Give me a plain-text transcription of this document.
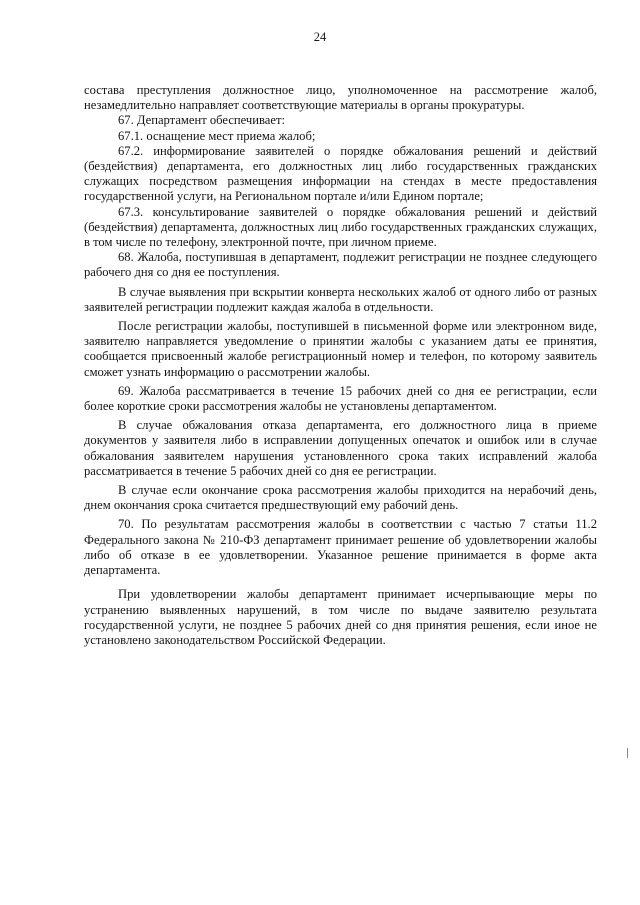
24

состава преступления должностное лицо, уполномоченное на рассмотрение жалоб, незамедлительно направляет соответствующие материалы в органы прокуратуры.

67. Департамент обеспечивает:

67.1. оснащение мест приема жалоб;

67.2. информирование заявителей о порядке обжалования решений и действий (бездействия) департамента, его должностных лиц либо государственных гражданских служащих посредством размещения информации на стендах в месте предоставления государственной услуги, на Региональном портале и/или Едином портале;

67.3. консультирование заявителей о порядке обжалования решений и действий (бездействия) департамента, должностных лиц либо государственных гражданских служащих, в том числе по телефону, электронной почте, при личном приеме.

68. Жалоба, поступившая в департамент, подлежит регистрации не позднее следующего рабочего дня со дня ее поступления.

В случае выявления при вскрытии конверта нескольких жалоб от одного либо от разных заявителей регистрации подлежит каждая жалоба в отдельности.

После регистрации жалобы, поступившей в письменной форме или электронном виде, заявителю направляется уведомление о принятии жалобы с указанием даты ее принятия, сообщается присвоенный жалобе регистрационный номер и телефон, по которому заявитель сможет узнать информацию о рассмотрении жалобы.

69. Жалоба рассматривается в течение 15 рабочих дней со дня ее регистрации, если более короткие сроки рассмотрения жалобы не установлены департаментом.

В случае обжалования отказа департамента, его должностного лица в приеме документов у заявителя либо в исправлении допущенных опечаток и ошибок или в случае обжалования заявителем нарушения установленного срока таких исправлений жалоба рассматривается в течение 5 рабочих дней со дня ее регистрации.

В случае если окончание срока рассмотрения жалобы приходится на нерабочий день, днем окончания срока считается предшествующий ему рабочий день.

70. По результатам рассмотрения жалобы в соответствии с частью 7 статьи 11.2 Федерального закона № 210-ФЗ департамент принимает решение об удовлетворении жалобы либо об отказе в ее удовлетворении. Указанное решение принимается в форме акта департамента.

При удовлетворении жалобы департамент принимает исчерпывающие меры по устранению выявленных нарушений, в том числе по выдаче заявителю результата государственной услуги, не позднее 5 рабочих дней со дня принятия решения, если иное не установлено законодательством Российской Федерации.
